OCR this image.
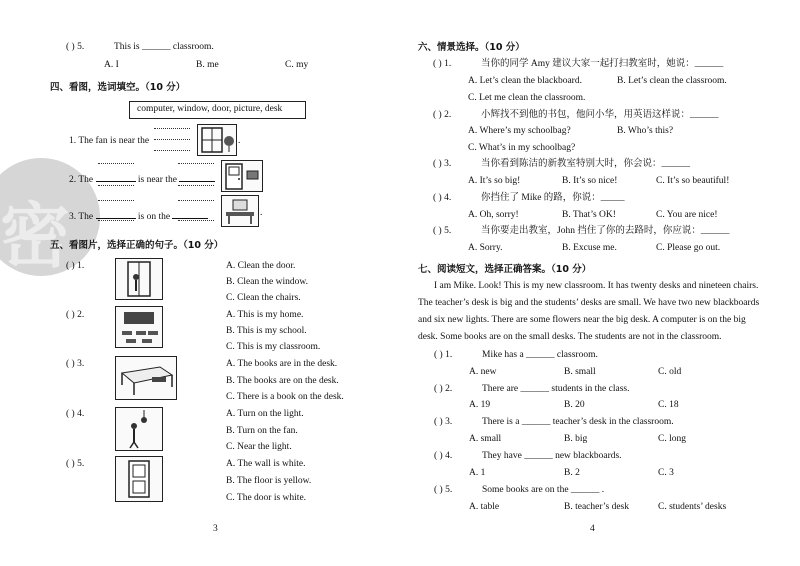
密
( ) 5.	This is ______ classroom.
A. I	B. me	C. my
四、看图，选词填空。（10 分）
computer, window, door, picture, desk
1. The fan is near the	.
2. The	is near the
3. The	is on the	.
五、看图片，选择正确的句子。（10 分）
( ) 1.	A. Clean the door.
B. Clean the window.
C. Clean the chairs.
( ) 2.	A. This is my home.
B. This is my school.
C. This is my classroom.
( ) 3.	A. The books are in the desk.
B. The books are on the desk.
C. There is a book on the desk.
( ) 4.	A. Turn on the light.
B. Turn on the fan.
C. Near the light.
( ) 5.	A. The wall is white.
B. The floor is yellow.
C. The door is white.
3
六、情景选择。（10 分）
( ) 1.	当你的同学 Amy 建议大家一起打扫教室时，她说：______
A. Let’s clean the blackboard.	B. Let’s clean the classroom.
C. Let me clean the classroom.
( ) 2.	小辉找不到他的书包，他问小华，用英语这样说：______
A. Where’s my schoolbag?	B. Who’s this?
C. What’s in my schoolbag?
( ) 3.	当你看到陈洁的新教室特别大时，你会说：______
A. It’s so big!	B. It’s so nice!	C. It’s so beautiful!
( ) 4.	你挡住了 Mike 的路，你说：_____
A. Oh, sorry!	B. That’s OK!	C. You are nice!
( ) 5.	当你要走出教室，John 挡住了你的去路时，你应说：______
A. Sorry.	B. Excuse me.	C. Please go out.
七、阅读短文，选择正确答案。（10 分）
I am Mike. Look! This is my new classroom. It has twenty desks and nineteen chairs.
The teacher’s desk is big and the students’ desks are small. We have two new blackboards
and six new lights. There are some flowers near the big desk. A computer is on the big
desk. Some books are on the small desks. The students are not in the classroom.
( ) 1.	Mike has a ______ classroom.
A. new	B. small	C. old
( ) 2.	There are ______ students in the class.
A. 19	B. 20	C. 18
( ) 3.	There is a ______ teacher’s desk in the classroom.
A. small	B. big	C. long
( ) 4.	They have ______ new blackboards.
A. 1	B. 2	C. 3
( ) 5.	Some books are on the ______ .
A. table	B. teacher’s desk	C. students’ desks
4
